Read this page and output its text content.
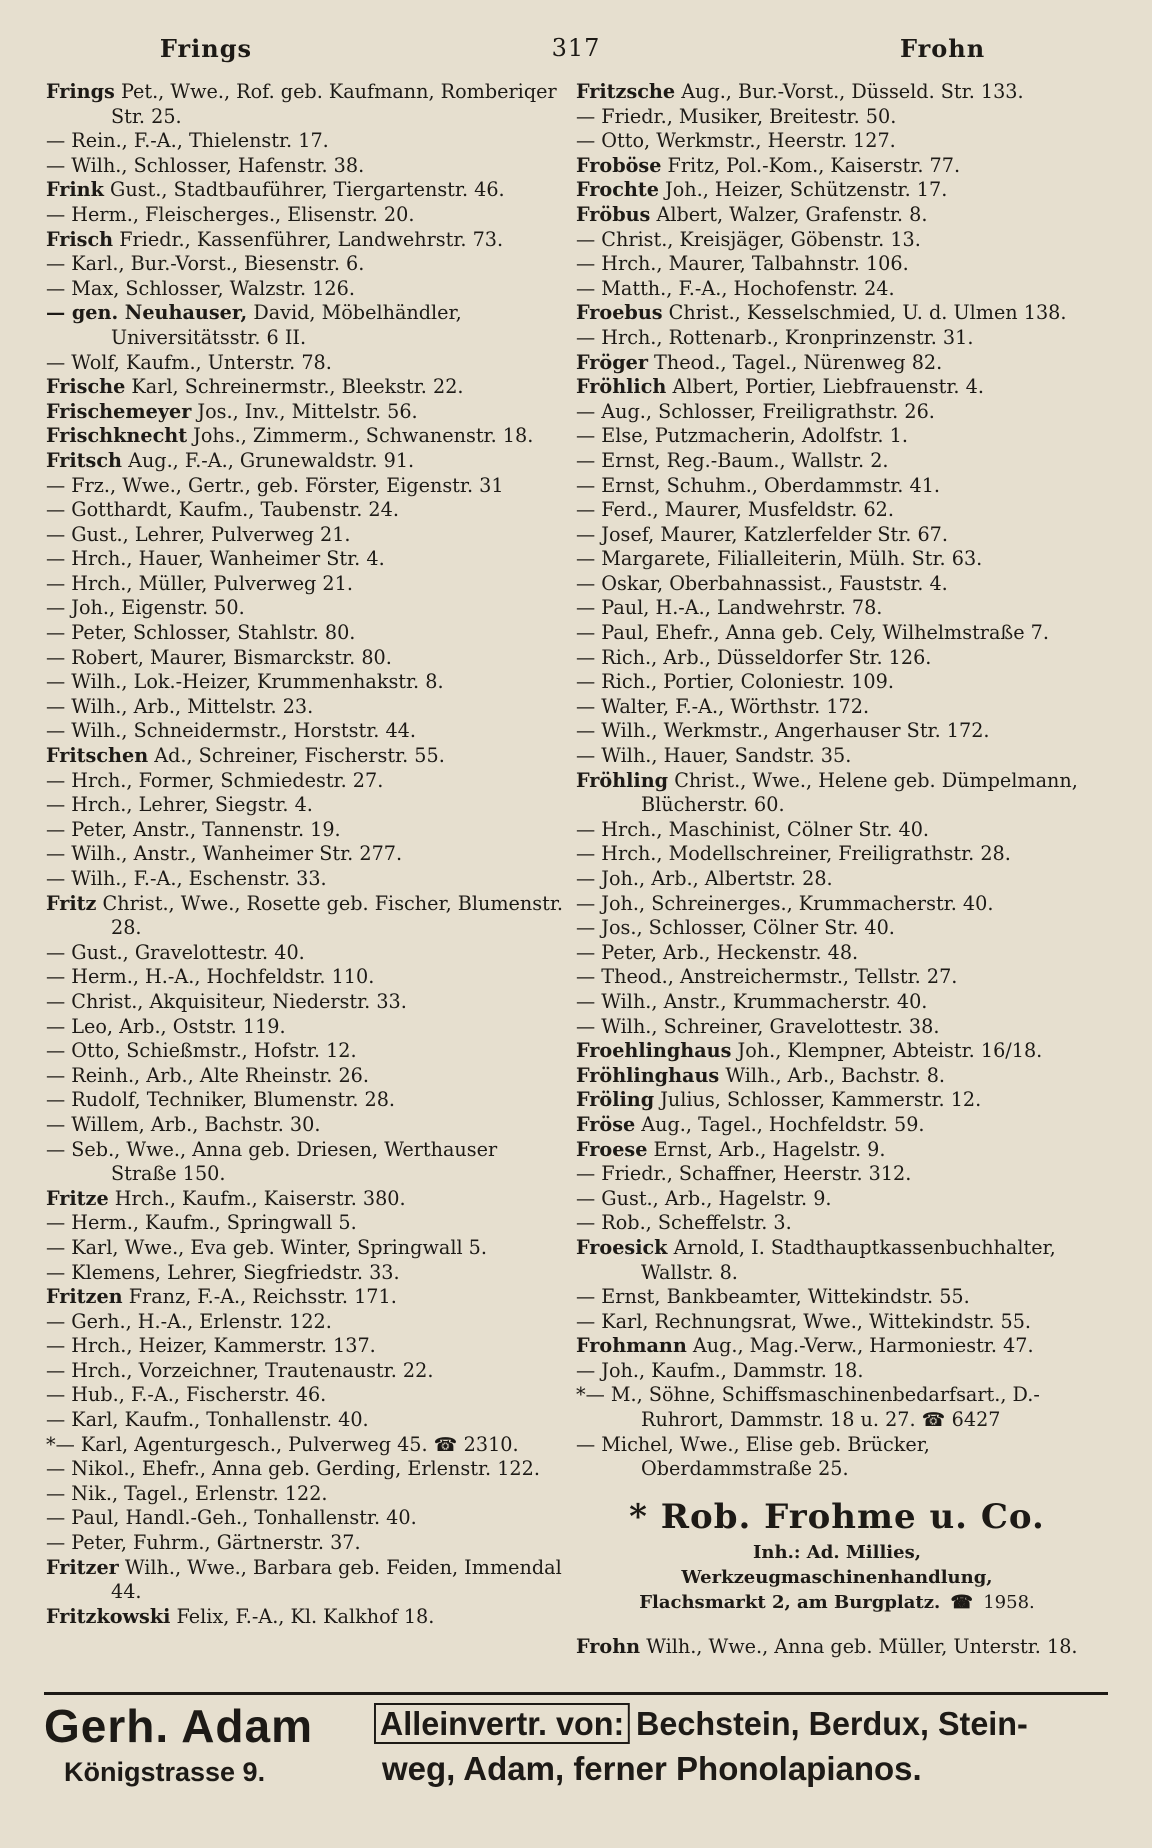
Frings	317	Frohn
Frings Pet., Wwe., Rof. geb. Kaufmann, Romberiqer Str. 25.
— Rein., F.-A., Thielenstr. 17.
— Wilh., Schlosser, Hafenstr. 38.
Frink Gust., Stadtbauführer, Tiergartenstr. 46.
— Herm., Fleischerges., Elisenstr. 20.
Frisch Friedr., Kassenführer, Landwehrstr. 73.
— Karl., Bur.-Vorst., Biesenstr. 6.
— Max, Schlosser, Walzstr. 126.
— gen. Neuhauser, David, Möbelhändler, Universitätsstr. 6 II.
— Wolf, Kaufm., Unterstr. 78.
Frische Karl, Schreinermstr., Bleekstr. 22.
Frischemeyer Jos., Inv., Mittelstr. 56.
Frischknecht Johs., Zimmerm., Schwanenstr. 18.
Fritsch Aug., F.-A., Grunewaldstr. 91.
— Frz., Wwe., Gertr., geb. Förster, Eigenstr. 31
— Gotthardt, Kaufm., Taubenstr. 24.
— Gust., Lehrer, Pulverweg 21.
— Hrch., Hauer, Wanheimer Str. 4.
— Hrch., Müller, Pulverweg 21.
— Joh., Eigenstr. 50.
— Peter, Schlosser, Stahlstr. 80.
— Robert, Maurer, Bismarckstr. 80.
— Wilh., Lok.-Heizer, Krummenhakstr. 8.
— Wilh., Arb., Mittelstr. 23.
— Wilh., Schneidermstr., Horststr. 44.
Fritschen Ad., Schreiner, Fischerstr. 55.
— Hrch., Former, Schmiedestr. 27.
— Hrch., Lehrer, Siegstr. 4.
— Peter, Anstr., Tannenstr. 19.
— Wilh., Anstr., Wanheimer Str. 277.
— Wilh., F.-A., Eschenstr. 33.
Fritz Christ., Wwe., Rosette geb. Fischer, Blumenstr. 28.
— Gust., Gravelottestr. 40.
— Herm., H.-A., Hochfeldstr. 110.
— Christ., Akquisiteur, Niederstr. 33.
— Leo, Arb., Oststr. 119.
— Otto, Schießmstr., Hofstr. 12.
— Reinh., Arb., Alte Rheinstr. 26.
— Rudolf, Techniker, Blumenstr. 28.
— Willem, Arb., Bachstr. 30.
— Seb., Wwe., Anna geb. Driesen, Werthauser Straße 150.
Fritze Hrch., Kaufm., Kaiserstr. 380.
— Herm., Kaufm., Springwall 5.
— Karl, Wwe., Eva geb. Winter, Springwall 5.
— Klemens, Lehrer, Siegfriedstr. 33.
Fritzen Franz, F.-A., Reichsstr. 171.
— Gerh., H.-A., Erlenstr. 122.
— Hrch., Heizer, Kammerstr. 137.
— Hrch., Vorzeichner, Trautenaustr. 22.
— Hub., F.-A., Fischerstr. 46.
— Karl, Kaufm., Tonhallenstr. 40.
*— Karl, Agenturgesch., Pulverweg 45. ☎ 2310.
— Nikol., Ehefr., Anna geb. Gerding, Erlenstr. 122.
— Nik., Tagel., Erlenstr. 122.
— Paul, Handl.-Geh., Tonhallenstr. 40.
— Peter, Fuhrm., Gärtnerstr. 37.
Fritzer Wilh., Wwe., Barbara geb. Feiden, Immendal 44.
Fritzkowski Felix, F.-A., Kl. Kalkhof 18.
Fritzsche Aug., Bur.-Vorst., Düsseld. Str. 133.
— Friedr., Musiker, Breitestr. 50.
— Otto, Werkmstr., Heerstr. 127.
Froböse Fritz, Pol.-Kom., Kaiserstr. 77.
Frochte Joh., Heizer, Schützenstr. 17.
Fröbus Albert, Walzer, Grafenstr. 8.
— Christ., Kreisjäger, Göbenstr. 13.
— Hrch., Maurer, Talbahnstr. 106.
— Matth., F.-A., Hochofenstr. 24.
Froebus Christ., Kesselschmied, U. d. Ulmen 138.
— Hrch., Rottenarb., Kronprinzenstr. 31.
Fröger Theod., Tagel., Nürenweg 82.
Fröhlich Albert, Portier, Liebfrauenstr. 4.
— Aug., Schlosser, Freiligrathstr. 26.
— Else, Putzmacherin, Adolfstr. 1.
— Ernst, Reg.-Baum., Wallstr. 2.
— Ernst, Schuhm., Oberdammstr. 41.
— Ferd., Maurer, Musfeldstr. 62.
— Josef, Maurer, Katzlerfelder Str. 67.
— Margarete, Filialleiterin, Mülh. Str. 63.
— Oskar, Oberbahnassist., Fauststr. 4.
— Paul, H.-A., Landwehrstr. 78.
— Paul, Ehefr., Anna geb. Cely, Wilhelmstraße 7.
— Rich., Arb., Düsseldorfer Str. 126.
— Rich., Portier, Coloniestr. 109.
— Walter, F.-A., Wörthstr. 172.
— Wilh., Werkmstr., Angerhauser Str. 172.
— Wilh., Hauer, Sandstr. 35.
Fröhling Christ., Wwe., Helene geb. Dümpelmann, Blücherstr. 60.
— Hrch., Maschinist, Cölner Str. 40.
— Hrch., Modellschreiner, Freiligrathstr. 28.
— Joh., Arb., Albertstr. 28.
— Joh., Schreinerges., Krummacherstr. 40.
— Jos., Schlosser, Cölner Str. 40.
— Peter, Arb., Heckenstr. 48.
— Theod., Anstreichermstr., Tellstr. 27.
— Wilh., Anstr., Krummacherstr. 40.
— Wilh., Schreiner, Gravelottestr. 38.
Froehlinghaus Joh., Klempner, Abteistr. 16/18.
Fröhlinghaus Wilh., Arb., Bachstr. 8.
Fröling Julius, Schlosser, Kammerstr. 12.
Fröse Aug., Tagel., Hochfeldstr. 59.
Froese Ernst, Arb., Hagelstr. 9.
— Friedr., Schaffner, Heerstr. 312.
— Gust., Arb., Hagelstr. 9.
— Rob., Scheffelstr. 3.
Froesick Arnold, I. Stadthauptkassenbuchhalter, Wallstr. 8.
— Ernst, Bankbeamter, Wittekindstr. 55.
— Karl, Rechnungsrat, Wwe., Wittekindstr. 55.
Frohmann Aug., Mag.-Verw., Harmoniestr. 47.
— Joh., Kaufm., Dammstr. 18.
*— M., Söhne, Schiffsmaschinenbedarfsart., D.-Ruhrort, Dammstr. 18 u. 27. ☎ 6427
— Michel, Wwe., Elise geb. Brücker, Oberdammstraße 25.
* Rob. Frohme u. Co.
Inh.: Ad. Millies,
Werkzeugmaschinenhandlung,
Flachsmarkt 2, am Burgplatz. ☎ 1958.
Frohn Wilh., Wwe., Anna geb. Müller, Unterstr. 18.
Gerh. Adam
Königstrasse 9.
Alleinvertr. von: Bechstein, Berdux, Stein-
weg, Adam, ferner Phonolapianos.
